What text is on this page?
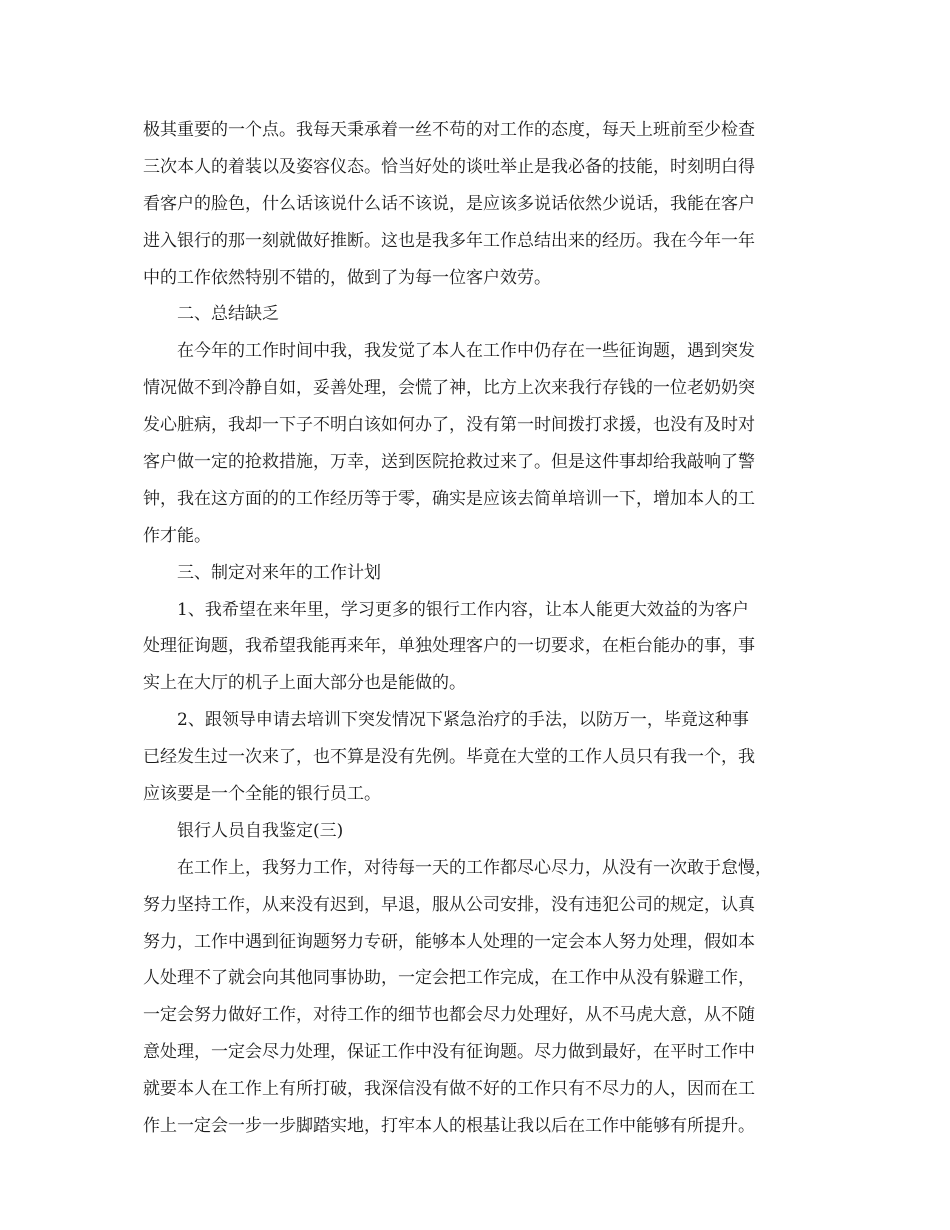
极其重要的一个点。我每天秉承着一丝不苟的对工作的态度，每天上班前至少检查
三次本人的着装以及姿容仪态。恰当好处的谈吐举止是我必备的技能，时刻明白得
看客户的脸色，什么话该说什么话不该说，是应该多说话依然少说话，我能在客户
进入银行的那一刻就做好推断。这也是我多年工作总结出来的经历。我在今年一年
中的工作依然特别不错的，做到了为每一位客户效劳。
二、总结缺乏
在今年的工作时间中我，我发觉了本人在工作中仍存在一些征询题，遇到突发
情况做不到冷静自如，妥善处理，会慌了神，比方上次来我行存钱的一位老奶奶突
发心脏病，我却一下子不明白该如何办了，没有第一时间拨打求援，也没有及时对
客户做一定的抢救措施，万幸，送到医院抢救过来了。但是这件事却给我敲响了警
钟，我在这方面的的工作经历等于零，确实是应该去简单培训一下，增加本人的工
作才能。
三、制定对来年的工作计划
1、我希望在来年里，学习更多的银行工作内容，让本人能更大效益的为客户
处理征询题，我希望我能再来年，单独处理客户的一切要求，在柜台能办的事，事
实上在大厅的机子上面大部分也是能做的。
2、跟领导申请去培训下突发情况下紧急治疗的手法，以防万一，毕竟这种事
已经发生过一次来了，也不算是没有先例。毕竟在大堂的工作人员只有我一个，我
应该要是一个全能的银行员工。
银行人员自我鉴定(三)
在工作上，我努力工作，对待每一天的工作都尽心尽力，从没有一次敢于怠慢，
努力坚持工作，从来没有迟到，早退，服从公司安排，没有违犯公司的规定，认真
努力，工作中遇到征询题努力专研，能够本人处理的一定会本人努力处理，假如本
人处理不了就会向其他同事协助，一定会把工作完成，在工作中从没有躲避工作，
一定会努力做好工作，对待工作的细节也都会尽力处理好，从不马虎大意，从不随
意处理，一定会尽力处理，保证工作中没有征询题。尽力做到最好，在平时工作中
就要本人在工作上有所打破，我深信没有做不好的工作只有不尽力的人，因而在工
作上一定会一步一步脚踏实地，打牢本人的根基让我以后在工作中能够有所提升。
